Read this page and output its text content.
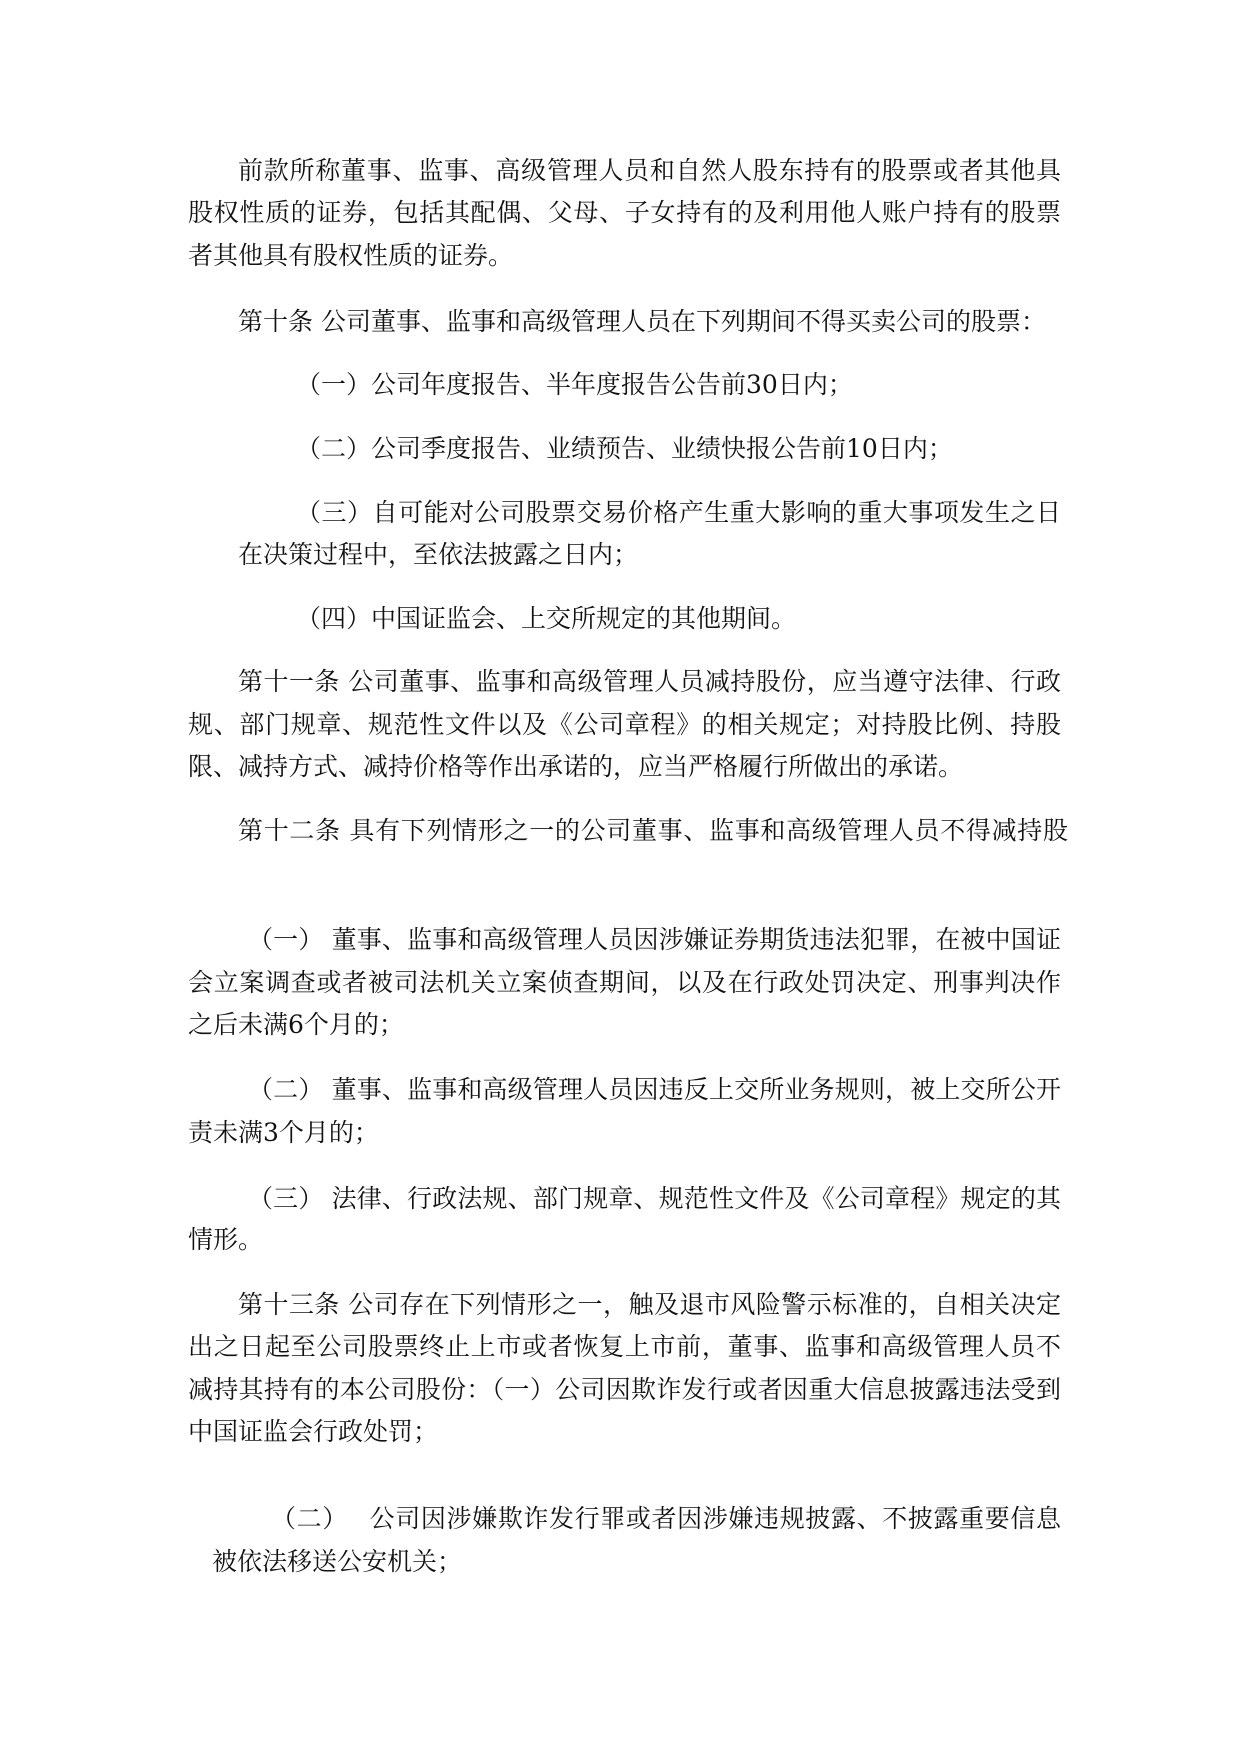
前款所称董事、监事、高级管理人员和自然人股东持有的股票或者其他具
股权性质的证券，包括其配偶、父母、子女持有的及利用他人账户持有的股票
者其他具有股权性质的证券。
第十条 公司董事、监事和高级管理人员在下列期间不得买卖公司的股票：
（一）公司年度报告、半年度报告公告前30日内；
（二）公司季度报告、业绩预告、业绩快报公告前10日内；
（三）自可能对公司股票交易价格产生重大影响的重大事项发生之日
在决策过程中，至依法披露之日内；
（四）中国证监会、上交所规定的其他期间。
第十一条 公司董事、监事和高级管理人员减持股份，应当遵守法律、行政
规、部门规章、规范性文件以及《公司章程》的相关规定；对持股比例、持股
限、减持方式、减持价格等作出承诺的，应当严格履行所做出的承诺。
第十二条 具有下列情形之一的公司董事、监事和高级管理人员不得减持股
（一） 董事、监事和高级管理人员因涉嫌证券期货违法犯罪，在被中国证
会立案调查或者被司法机关立案侦查期间，以及在行政处罚决定、刑事判决作
之后未满6个月的；
（二） 董事、监事和高级管理人员因违反上交所业务规则，被上交所公开
责未满3个月的；
（三） 法律、行政法规、部门规章、规范性文件及《公司章程》规定的其
情形。
第十三条 公司存在下列情形之一，触及退市风险警示标准的，自相关决定
出之日起至公司股票终止上市或者恢复上市前，董事、监事和高级管理人员不
减持其持有的本公司股份：（一）公司因欺诈发行或者因重大信息披露违法受到
中国证监会行政处罚；
（二）　 公司因涉嫌欺诈发行罪或者因涉嫌违规披露、不披露重要信息
被依法移送公安机关；
